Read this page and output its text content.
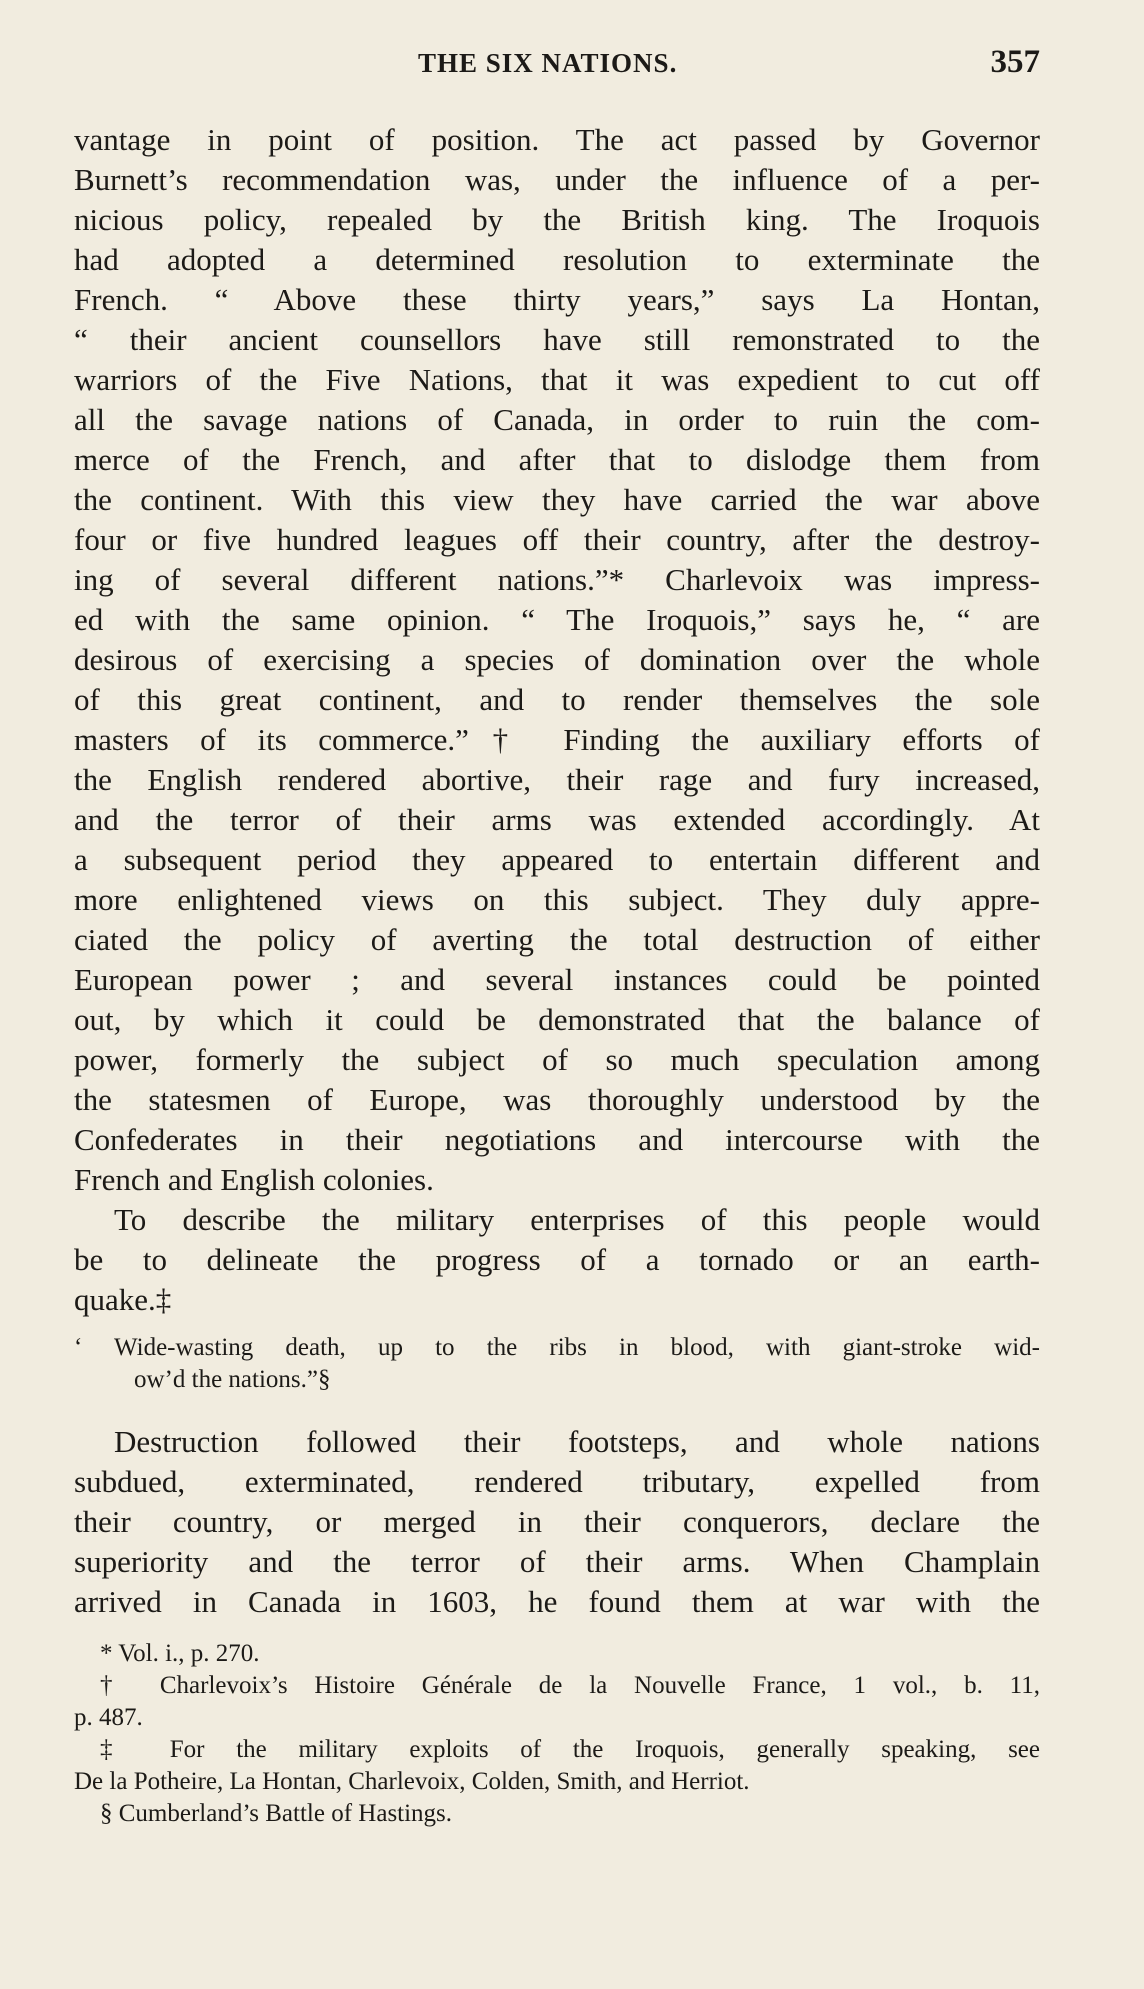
THE SIX NATIONS.	357
vantage in point of position. The act passed by Governor
Burnett’s recommendation was, under the influence of a per-
nicious policy, repealed by the British king. The Iroquois
had adopted a determined resolution to exterminate the
French. “ Above these thirty years,” says La Hontan,
“ their ancient counsellors have still remonstrated to the
warriors of the Five Nations, that it was expedient to cut off
all the savage nations of Canada, in order to ruin the com-
merce of the French, and after that to dislodge them from
the continent. With this view they have carried the war above
four or five hundred leagues off their country, after the destroy-
ing of several different nations.”* Charlevoix was impress-
ed with the same opinion. “ The Iroquois,” says he, “ are
desirous of exercising a species of domination over the whole
of this great continent, and to render themselves the sole
masters of its commerce.”† Finding the auxiliary efforts of
the English rendered abortive, their rage and fury increased,
and the terror of their arms was extended accordingly. At
a subsequent period they appeared to entertain different and
more enlightened views on this subject. They duly appre-
ciated the policy of averting the total destruction of either
European power ; and several instances could be pointed
out, by which it could be demonstrated that the balance of
power, formerly the subject of so much speculation among
the statesmen of Europe, was thoroughly understood by the
Confederates in their negotiations and intercourse with the
French and English colonies.
To describe the military enterprises of this people would
be to delineate the progress of a tornado or an earth-
quake.‡
‘ Wide-wasting death, up to the ribs in blood, with giant-stroke wid-
ow’d the nations.”§
Destruction followed their footsteps, and whole nations
subdued, exterminated, rendered tributary, expelled from
their country, or merged in their conquerors, declare the
superiority and the terror of their arms. When Champlain
arrived in Canada in 1603, he found them at war with the
* Vol. i., p. 270.
† Charlevoix’s Histoire Générale de la Nouvelle France, 1 vol., b. 11,
p. 487.
‡ For the military exploits of the Iroquois, generally speaking, see
De la Potheire, La Hontan, Charlevoix, Colden, Smith, and Herriot.
§ Cumberland’s Battle of Hastings.
